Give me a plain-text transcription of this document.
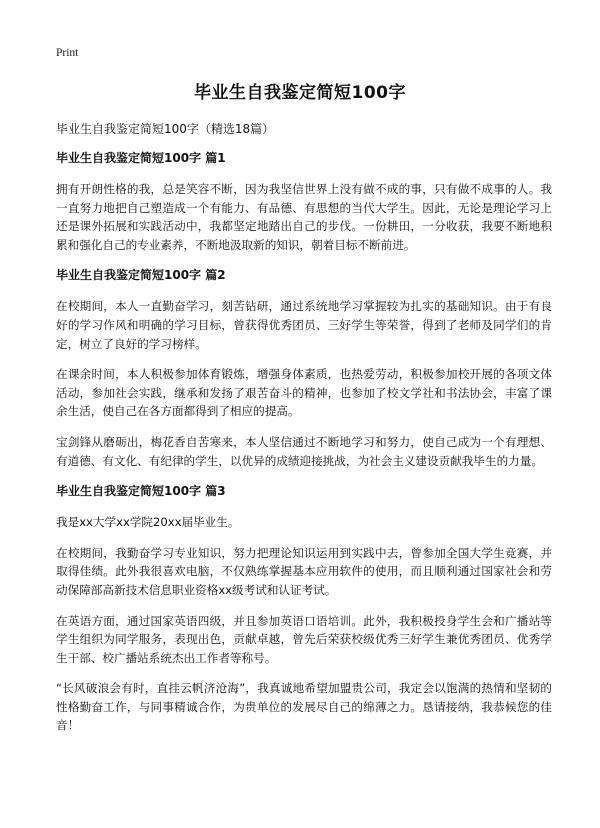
Print
毕业生自我鉴定简短100字

毕业生自我鉴定简短100字（精选18篇）

毕业生自我鉴定简短100字 篇1

拥有开朗性格的我，总是笑容不断，因为我坚信世界上没有做不成的事，只有做不成事的人。我一直努力地把自己塑造成一个有能力、有品德、有思想的当代大学生。因此，无论是理论学习上还是课外拓展和实践活动中，我都坚定地踏出自己的步伐。一份耕田，一分收获，我要不断地积累和强化自己的专业素养，不断地汲取新的知识，朝着目标不断前进。

毕业生自我鉴定简短100字 篇2

在校期间，本人一直勤奋学习，刻苦钻研，通过系统地学习掌握较为扎实的基础知识。由于有良好的学习作风和明确的学习目标，曾获得优秀团员、三好学生等荣誉，得到了老师及同学们的肯定，树立了良好的学习榜样。

在课余时间，本人积极参加体育锻炼，增强身体素质，也热爱劳动，积极参加校开展的各项文体活动，参加社会实践，继承和发扬了艰苦奋斗的精神，也参加了校文学社和书法协会，丰富了课余生活，使自己在各方面都得到了相应的提高。

宝剑锋从磨砺出，梅花香自苦寒来，本人坚信通过不断地学习和努力，使自己成为一个有理想、有道德、有文化、有纪律的学生，以优异的成绩迎接挑战，为社会主义建设贡献我毕生的力量。

毕业生自我鉴定简短100字 篇3

我是xx大学xx学院20xx届毕业生。

在校期间，我勤奋学习专业知识，努力把理论知识运用到实践中去，曾参加全国大学生竞赛，并取得佳绩。此外我很喜欢电脑，不仅熟练掌握基本应用软件的使用，而且顺利通过国家社会和劳动保障部高新技术信息职业资格xx级考试和认证考试。

在英语方面，通过国家英语四级，并且参加英语口语培训。此外，我积极投身学生会和广播站等学生组织为同学服务，表现出色，贡献卓越，曾先后荣获校级优秀三好学生兼优秀团员、优秀学生干部、校广播站系统杰出工作者等称号。

“长风破浪会有时，直挂云帆济沧海”，我真诚地希望加盟贵公司，我定会以饱满的热情和坚韧的性格勤奋工作，与同事精诚合作，为贵单位的发展尽自己的绵薄之力。恳请接纳，我恭候您的佳音！
